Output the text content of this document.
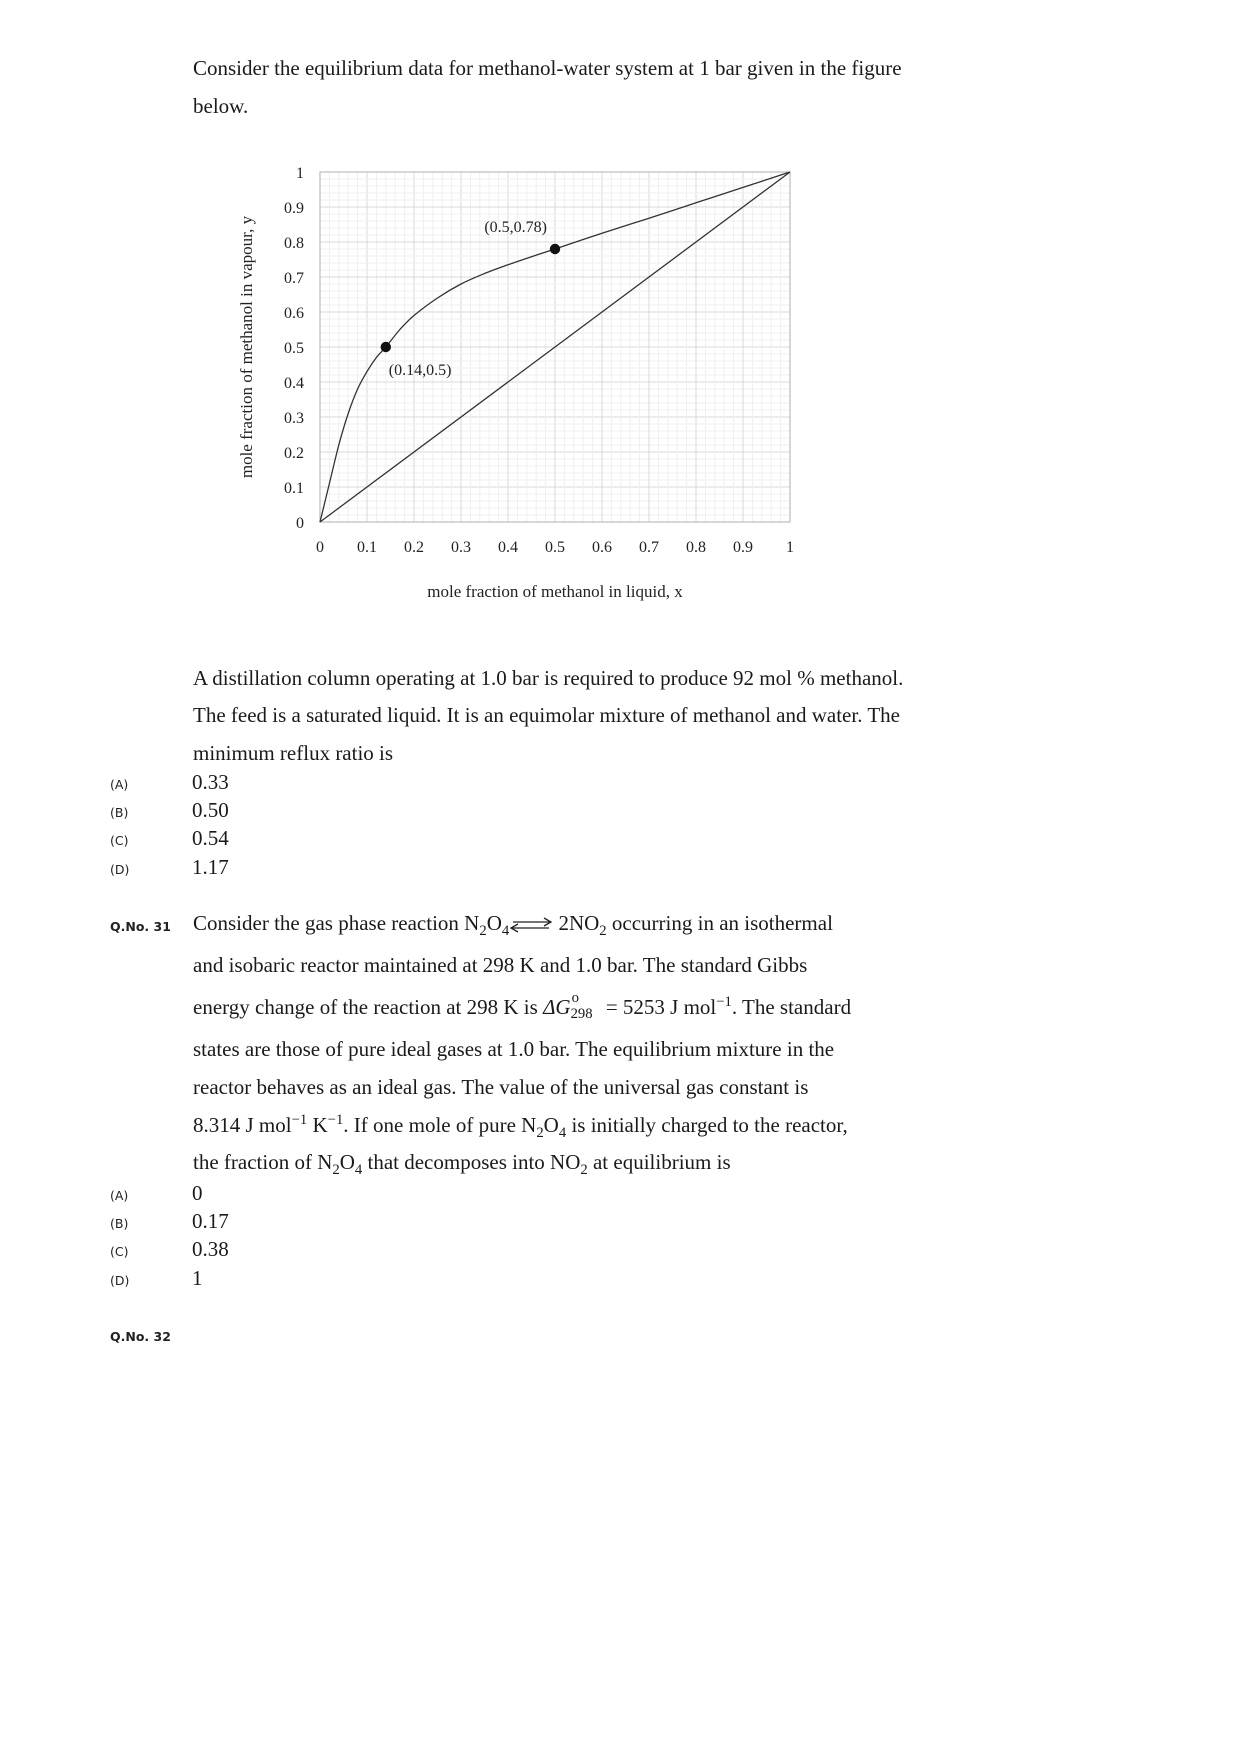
Consider the equilibrium data for methanol-water system at 1 bar given in the figure
below.
0
0.1
0.2
0.3
0.4
0.5
0.6
0.7
0.8
0.9
1
0 0.1 0.2 0.3 0.4 0.5 0.6 0.7 0.8 0.9 1
(0.14,0.5)
(0.5,0.78)
mole fraction of methanol in vapour, y
mole fraction of methanol in liquid, x
A distillation column operating at 1.0 bar is required to produce 92 mol % methanol.
The feed is a saturated liquid. It is an equimolar mixture of methanol and water. The
minimum reflux ratio is
(A)	0.33
(B)	0.50
(C)	0.54
(D)	1.17
Q.No. 31 Consider the gas phase reaction $N_2O_4\rightleftharpoons$ $2NO_2$ occurring in an isothermal
and isobaric reactor maintained at 298 K and 1.0 bar. The standard Gibbs
energy change of the reaction at 298 K is ΔG o
298 = 5253 J mol$^{-1}$. The standard
states are those of pure ideal gases at 1.0 bar. The equilibrium mixture in the
reactor behaves as an ideal gas. The value of the universal gas constant is
8.314 J mol$^{-1}$ $K^{-1}$. If one mole of pure $N_2O_4$ is initially charged to the reactor,
the fraction of $N_2O_4$ that decomposes into $NO_2$ at equilibrium is
(A)	0
(B)	0.17
(C)	0.38
(D)	1
Q.No. 32
